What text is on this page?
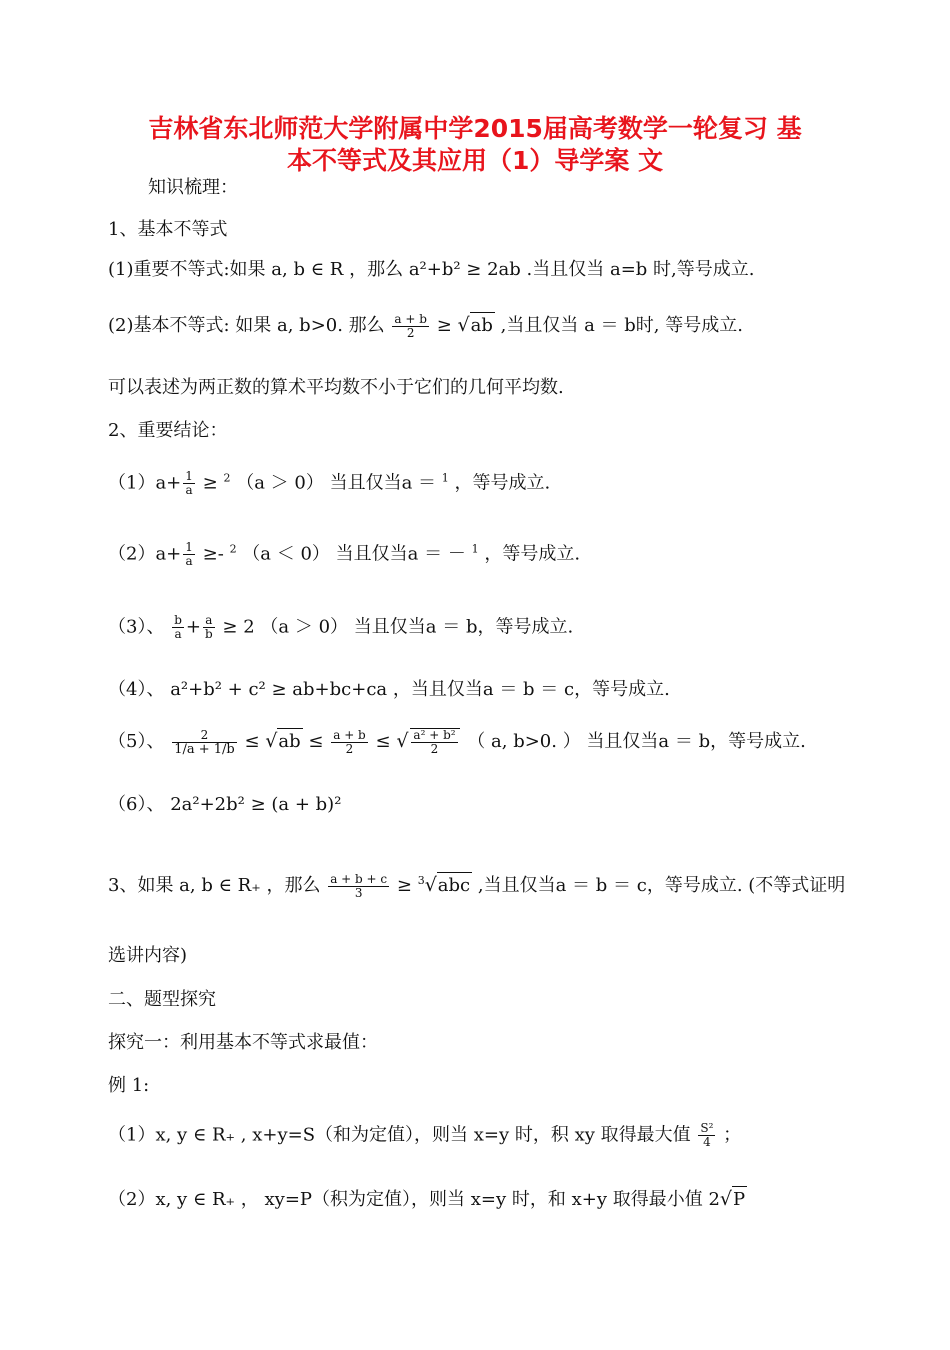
吉林省东北师范大学附属中学2015届高考数学一轮复习 基
本不等式及其应用（1）导学案 文
知识梳理：
1、基本不等式
(1)重要不等式:如果 a, b ∈ R ，那么 a²+b² ≥ 2ab .当且仅当 a=b 时,等号成立.
(2)基本不等式: 如果 a, b>0. 那么 $\frac{a + b}{2} \ge √ab$ ,当且仅当 a ＝ b时, 等号成立.
可以表述为两正数的算术平均数不小于它们的几何平均数.
2、重要结论：
$(1)a+ \frac{1}{a} \ge ^2$ （a ＞ 0） 当且仅当a ＝ $^1$ ，等号成立.
$(2)a+ \frac{1}{a} \ge- ^2$ （a ＜ 0） 当且仅当a ＝ － $^1$ ，等号成立.
（3）、 $\frac{b}{a} + \frac{a}{b} \ge 2$ （a ＞ 0） 当且仅当a ＝ b，等号成立.
（4）、 a²+b² + c² ≥ ab+bc+ca ，当且仅当a ＝ b ＝ c，等号成立.
（5）、 $\frac{2}{1/a + 1/b} \le √ab \le \frac{a + b}{2}$ ≤ √ $\frac{\text{a² + b²}}{2}$ （ a, b>0. ） 当且仅当a ＝ b，等号成立.
（6）、 2a²+2b² ≥ (a + b)²
3、如果 a, b ∈ R₊ ，那么 $\frac{a + b + c}{3} \ge ^3√abc$ ,当且仅当a ＝ b ＝ c，等号成立. (不等式证明
选讲内容)
二、题型探究
探究一：利用基本不等式求最值：
例 1:
（1）x, y ∈ R₊ , x+y=S（和为定值），则当 x=y 时，积 xy 取得最大值 $\frac{\text{S²}}{4}$ ；
（2）x, y ∈ R₊ ， xy=P（积为定值），则当 x=y 时，和 x+y 取得最小值 2√P
